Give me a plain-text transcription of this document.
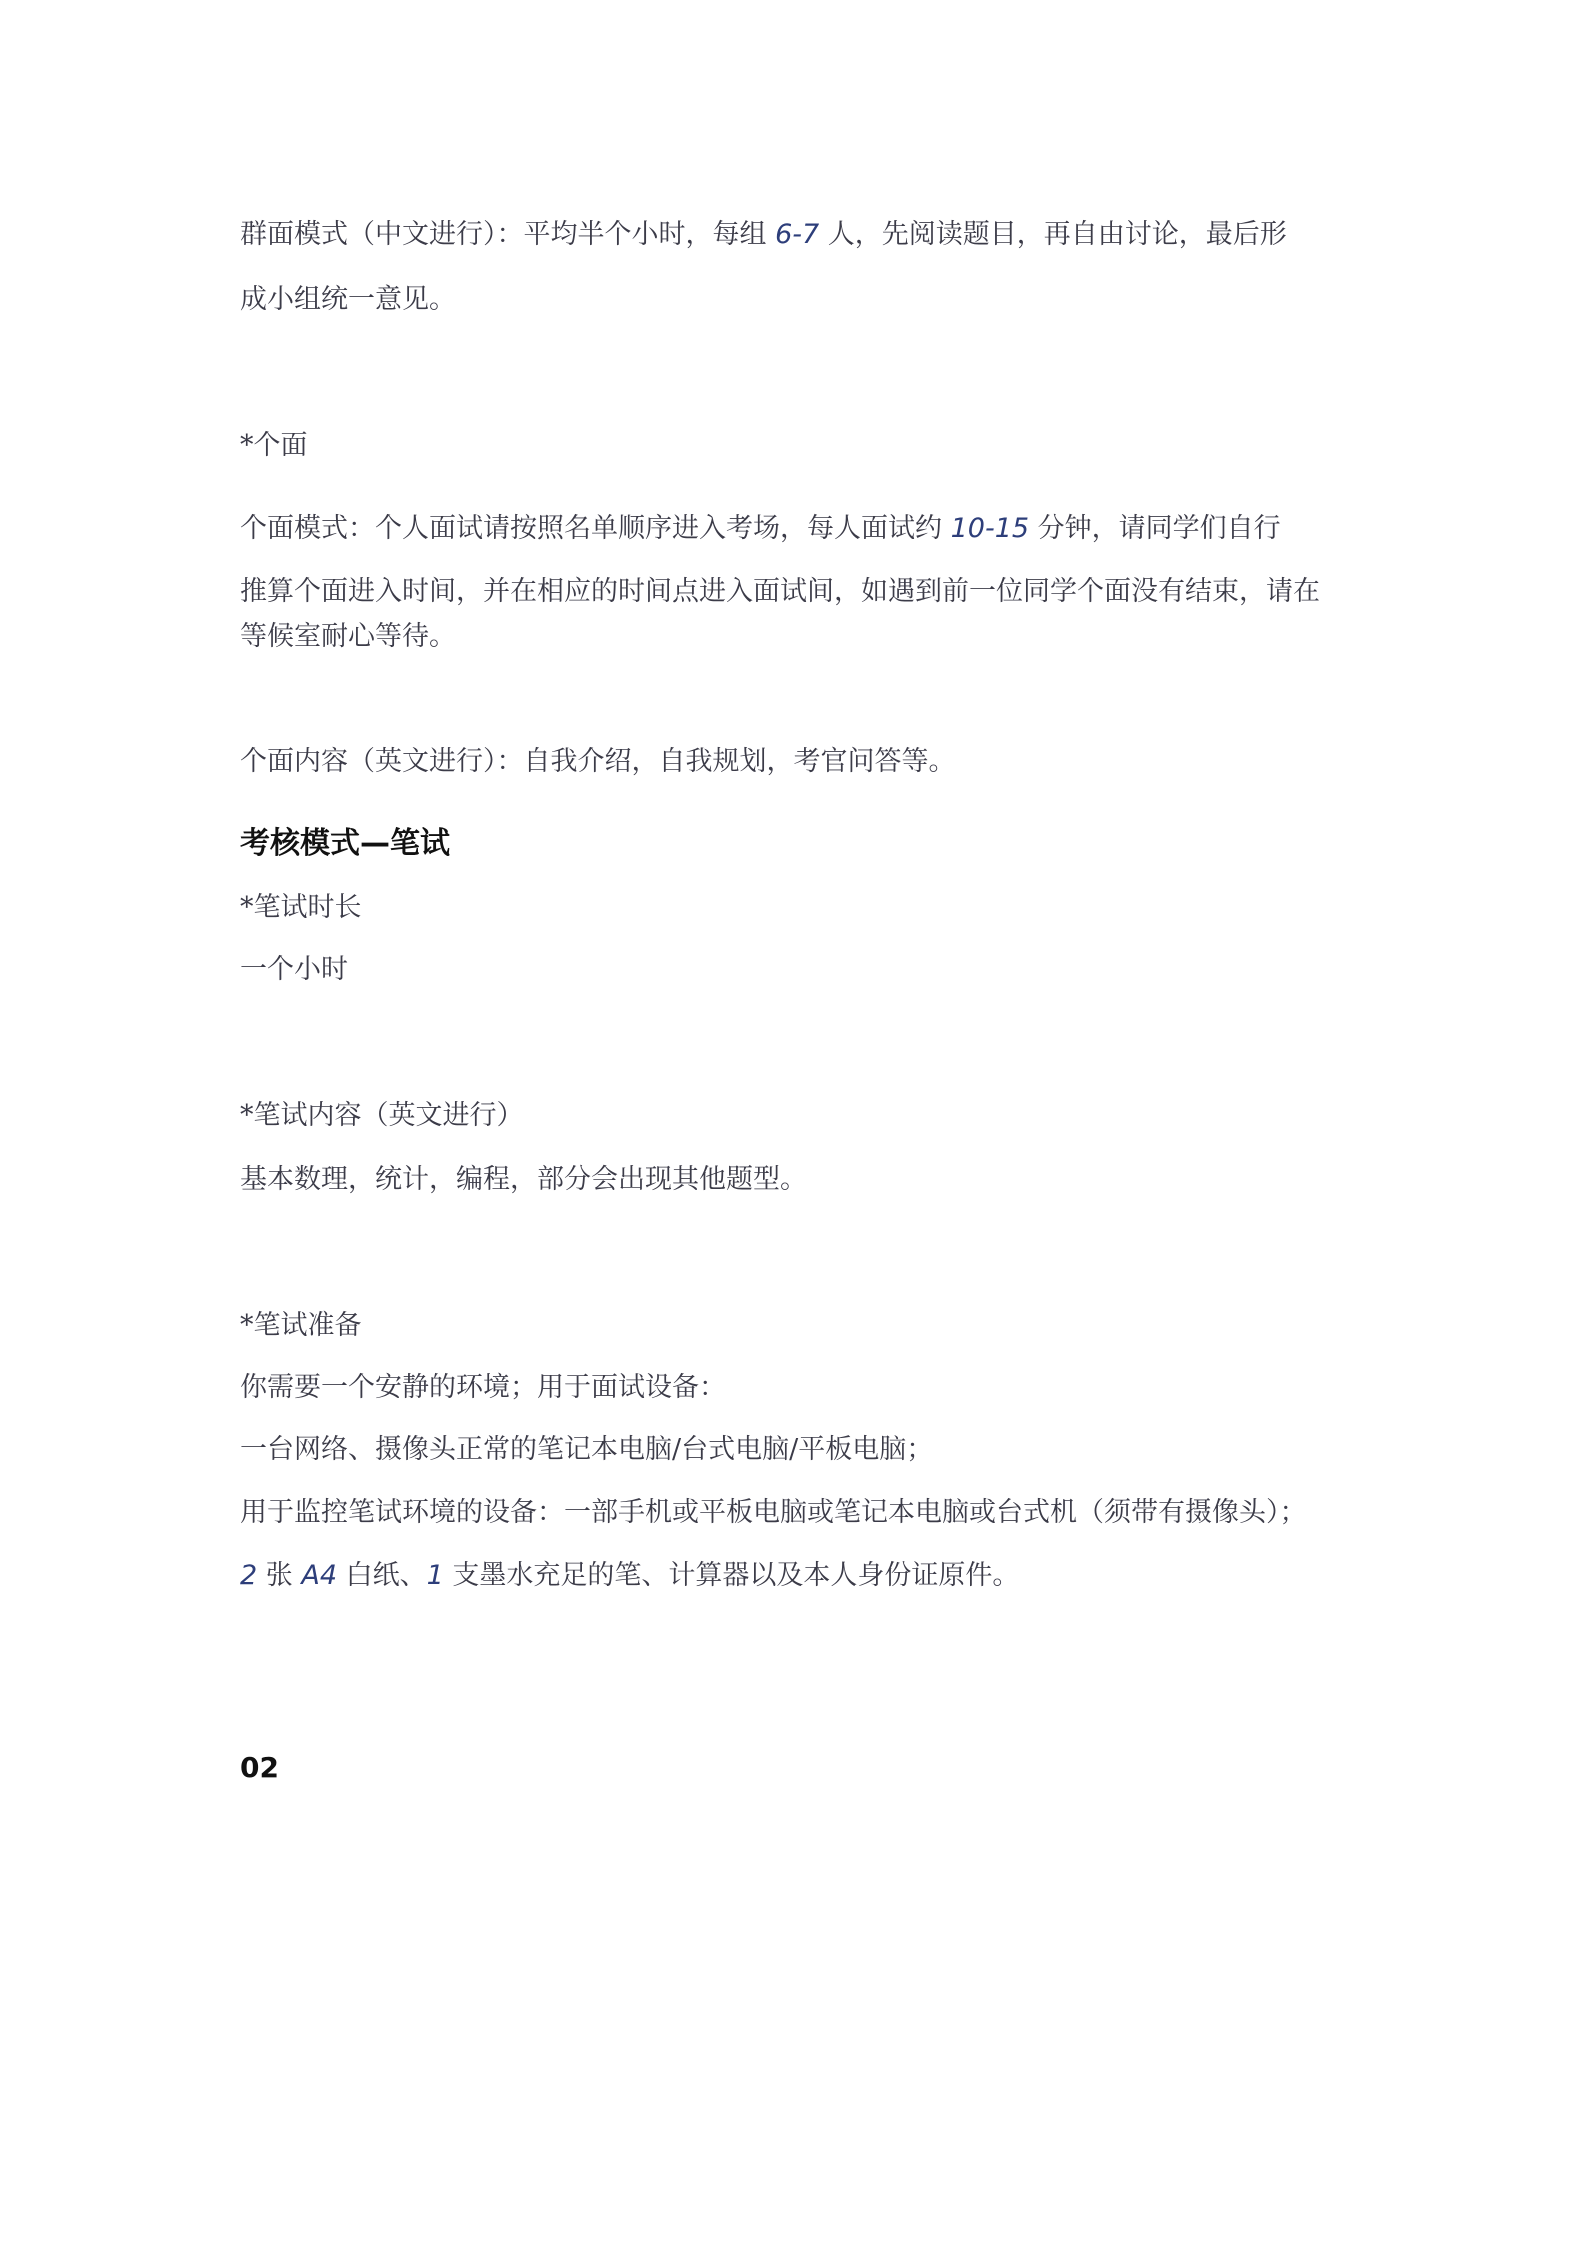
群面模式（中文进行）：平均半个小时，每组 6-7 人，先阅读题目，再自由讨论，最后形
成小组统一意见。
*个面
个面模式：个人面试请按照名单顺序进入考场，每人面试约 10-15 分钟，请同学们自行
推算个面进入时间，并在相应的时间点进入面试间，如遇到前一位同学个面没有结束，请在
等候室耐心等待。
个面内容（英文进行）：自我介绍，自我规划，考官问答等。
考核模式—笔试
*笔试时长
一个小时
*笔试内容（英文进行）
基本数理，统计，编程，部分会出现其他题型。
*笔试准备
你需要一个安静的环境；用于面试设备：
一台网络、摄像头正常的笔记本电脑/台式电脑/平板电脑；
用于监控笔试环境的设备：一部手机或平板电脑或笔记本电脑或台式机（须带有摄像头）；
2 张 A4 白纸、1 支墨水充足的笔、计算器以及本人身份证原件。
02
